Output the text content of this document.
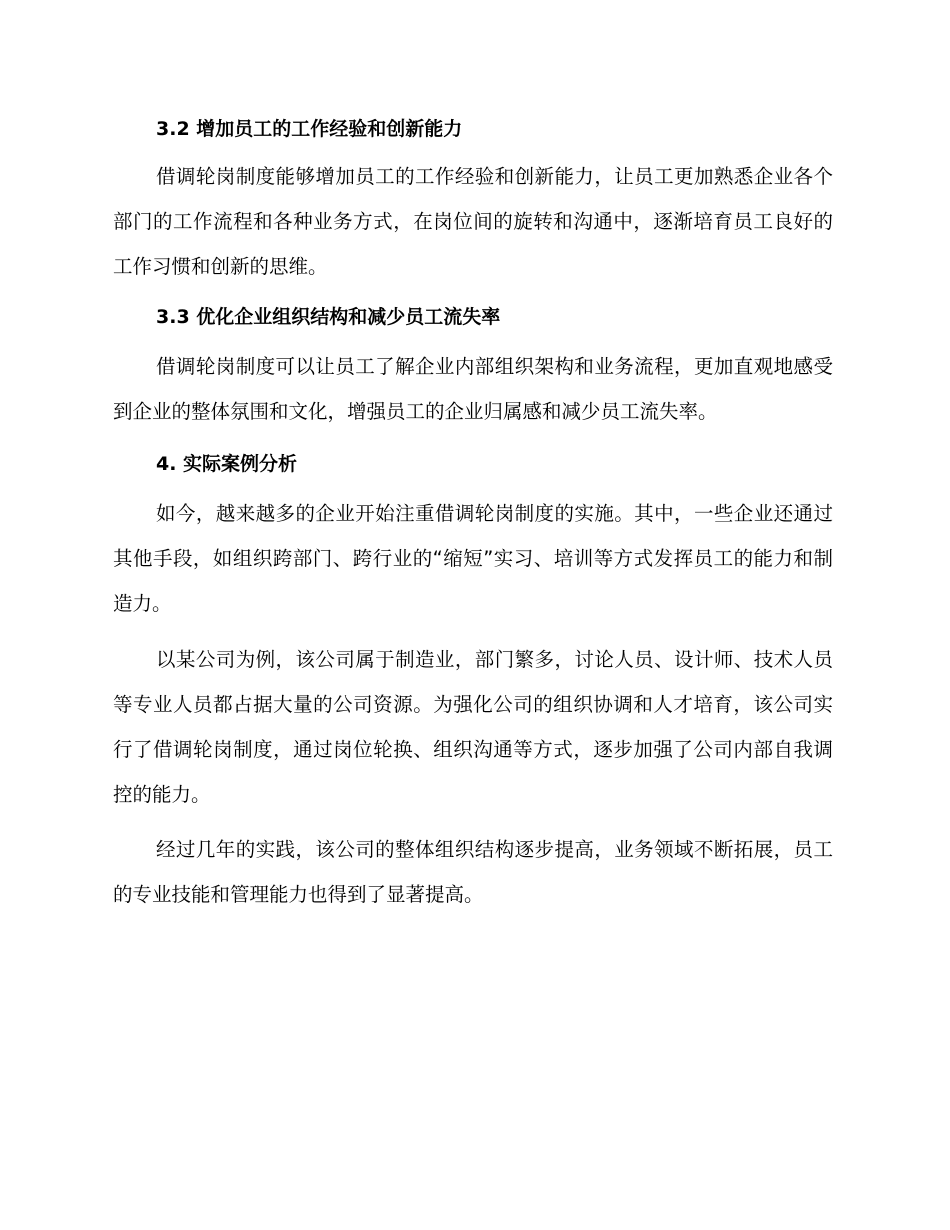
3.2 增加员工的工作经验和创新能力

借调轮岗制度能够增加员工的工作经验和创新能力，让员工更加熟悉企业各个部门的工作流程和各种业务方式，在岗位间的旋转和沟通中，逐渐培育员工良好的工作习惯和创新的思维。

3.3 优化企业组织结构和减少员工流失率

借调轮岗制度可以让员工了解企业内部组织架构和业务流程，更加直观地感受到企业的整体氛围和文化，增强员工的企业归属感和减少员工流失率。

4. 实际案例分析

如今，越来越多的企业开始注重借调轮岗制度的实施。其中，一些企业还通过其他手段，如组织跨部门、跨行业的“缩短”实习、培训等方式发挥员工的能力和制造力。

以某公司为例，该公司属于制造业，部门繁多，讨论人员、设计师、技术人员等专业人员都占据大量的公司资源。为强化公司的组织协调和人才培育，该公司实行了借调轮岗制度，通过岗位轮换、组织沟通等方式，逐步加强了公司内部自我调控的能力。

经过几年的实践，该公司的整体组织结构逐步提高，业务领域不断拓展，员工的专业技能和管理能力也得到了显著提高。
